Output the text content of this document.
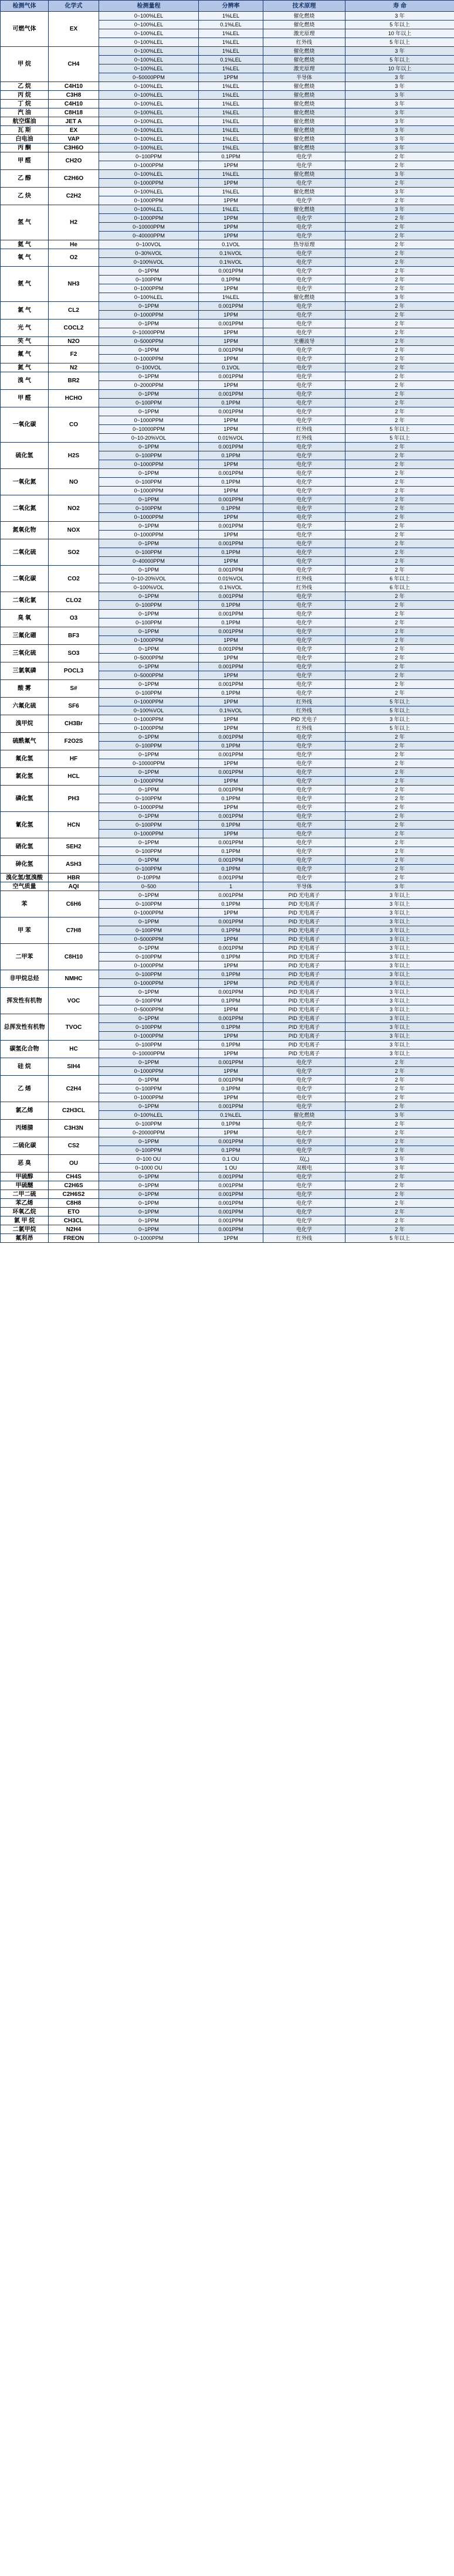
检测气体	化学式	检测量程	分辨率	技术原理	寿 命
可燃气体	EX	0~100%LEL	1%LEL	催化燃烧	3 年
		0~100%LEL	0.1%LEL	催化燃烧	5 年以上
		0~100%LEL	1%LEL	激光原理	10 年以上
		0~100%LEL	1%LEL	红外线	5 年以上
甲 烷	CH4	0~100%LEL	1%LEL	催化燃烧	3 年
		0~100%LEL	0.1%LEL	催化燃烧	5 年以上
		0~100%LEL	1%LEL	激光原理	10 年以上
		0~50000PPM	1PPM	半导体	3 年
乙 烷	C4H10	0~100%LEL	1%LEL	催化燃烧	3 年
丙 烷	C3H8	0~100%LEL	1%LEL	催化燃烧	3 年
丁 烷	C4H10	0~100%LEL	1%LEL	催化燃烧	3 年
汽 油	C8H18	0~100%LEL	1%LEL	催化燃烧	3 年
航空煤油	JET A	0~100%LEL	1%LEL	催化燃烧	3 年
瓦 斯	EX	0~100%LEL	1%LEL	催化燃烧	3 年
白电油	VAP	0~100%LEL	1%LEL	催化燃烧	3 年
丙 酮	C3H6O	0~100%LEL	1%LEL	催化燃烧	3 年
甲 醛	CH2O	0~100PPM	0.1PPM	电化学	2 年
		0~1000PPM	1PPM	电化学	2 年
乙 醇	C2H6O	0~100%LEL	1%LEL	催化燃烧	3 年
		0~1000PPM	1PPM	电化学	2 年
乙 炔	C2H2	0~100%LEL	1%LEL	催化燃烧	3 年
		0~1000PPM	1PPM	电化学	2 年
氢 气	H2	0~100%LEL	1%LEL	催化燃烧	3 年
		0~1000PPM	1PPM	电化学	2 年
		0~10000PPM	1PPM	电化学	2 年
		0~40000PPM	1PPM	电化学	2 年
氦 气	He	0~100VOL	0.1VOL	热导原理	2 年
氧 气	O2	0~30%VOL	0.1%VOL	电化学	2 年
		0~100%VOL	0.1%VOL	电化学	2 年
氨 气	NH3	0~1PPM	0.001PPM	电化学	2 年
		0~100PPM	0.1PPM	电化学	2 年
		0~1000PPM	1PPM	电化学	2 年
		0~100%LEL	1%LEL	催化燃烧	3 年
氯 气	CL2	0~1PPM	0.001PPM	电化学	2 年
		0~1000PPM	1PPM	电化学	2 年
光 气	COCL2	0~1PPM	0.001PPM	电化学	2 年
		0~10000PPM	1PPM	电化学	2 年
笑 气	N2O	0~5000PPM	1PPM	光栅波导	2 年
氟 气	F2	0~1PPM	0.001PPM	电化学	2 年
		0~1000PPM	1PPM	电化学	2 年
氮 气	N2	0~100VOL	0.1VOL	电化学	2 年
溴 气	BR2	0~1PPM	0.001PPM	电化学	2 年
		0~2000PPM	1PPM	电化学	2 年
甲 醛	HCHO	0~1PPM	0.001PPM	电化学	2 年
		0~100PPM	0.1PPM	电化学	2 年
一氧化碳	CO	0~1PPM	0.001PPM	电化学	2 年
		0~1000PPM	1PPM	电化学	2 年
		0~10000PPM	1PPM	红外线	5 年以上
		0~10-20%VOL	0.01%VOL	红外线	5 年以上
硫化氢	H2S	0~1PPM	0.001PPM	电化学	2 年
		0~100PPM	0.1PPM	电化学	2 年
		0~1000PPM	1PPM	电化学	2 年
一氧化氮	NO	0~1PPM	0.001PPM	电化学	2 年
		0~100PPM	0.1PPM	电化学	2 年
		0~1000PPM	1PPM	电化学	2 年
二氧化氮	NO2	0~1PPM	0.001PPM	电化学	2 年
		0~100PPM	0.1PPM	电化学	2 年
		0~1000PPM	1PPM	电化学	2 年
氮氧化物	NOX	0~1PPM	0.001PPM	电化学	2 年
		0~1000PPM	1PPM	电化学	2 年
二氧化硫	SO2	0~1PPM	0.001PPM	电化学	2 年
		0~100PPM	0.1PPM	电化学	2 年
		0~40000PPM	1PPM	电化学	2 年
二氧化碳	CO2	0~1PPM	0.001PPM	电化学	2 年
		0~10-20%VOL	0.01%VOL	红外线	6 年以上
		0~100%VOL	0.1%VOL	红外线	6 年以上
二氧化氯	CLO2	0~1PPM	0.001PPM	电化学	2 年
		0~100PPM	0.1PPM	电化学	2 年
臭 氧	O3	0~1PPM	0.001PPM	电化学	2 年
		0~100PPM	0.1PPM	电化学	2 年
三氟化硼	BF3	0~1PPM	0.001PPM	电化学	2 年
		0~1000PPM	1PPM	电化学	2 年
三氧化硫	SO3	0~1PPM	0.001PPM	电化学	2 年
		0~5000PPM	1PPM	电化学	2 年
三氯氧磷	POCL3	0~1PPM	0.001PPM	电化学	2 年
		0~5000PPM	1PPM	电化学	2 年
酸 雾	S#	0~1PPM	0.001PPM	电化学	2 年
		0~100PPM	0.1PPM	电化学	2 年
六氟化硫	SF6	0~1000PPM	1PPM	红外线	5 年以上
		0~100%VOL	0.1%VOL	红外线	5 年以上
溴甲烷	CH3Br	0~1000PPM	1PPM	PID 光电子	3 年以上
		0~1000PPM	1PPM	红外线	5 年以上
硫酰氟气	F2O2S	0~1PPM	0.001PPM	电化学	2 年
		0~100PPM	0.1PPM	电化学	2 年
氟化氢	HF	0~1PPM	0.001PPM	电化学	2 年
		0~10000PPM	1PPM	电化学	2 年
氯化氢	HCL	0~1PPM	0.001PPM	电化学	2 年
		0~1000PPM	1PPM	电化学	2 年
磷化氢	PH3	0~1PPM	0.001PPM	电化学	2 年
		0~100PPM	0.1PPM	电化学	2 年
		0~1000PPM	1PPM	电化学	2 年
氰化氢	HCN	0~1PPM	0.001PPM	电化学	2 年
		0~100PPM	0.1PPM	电化学	2 年
		0~1000PPM	1PPM	电化学	2 年
硒化氢	SEH2	0~1PPM	0.001PPM	电化学	2 年
		0~100PPM	0.1PPM	电化学	2 年
砷化氢	ASH3	0~1PPM	0.001PPM	电化学	2 年
		0~100PPM	0.1PPM	电化学	2 年
溴化氢/氢溴酸	HBR	0~10PPM	0.001PPM	电化学	2 年
空气质量	AQI	0~500	1	半导体	3 年
苯	C6H6	0~1PPM	0.001PPM	PID 光电离子	3 年以上
		0~100PPM	0.1PPM	PID 光电离子	3 年以上
		0~1000PPM	1PPM	PID 光电离子	3 年以上
甲 苯	C7H8	0~1PPM	0.001PPM	PID 光电离子	3 年以上
		0~100PPM	0.1PPM	PID 光电离子	3 年以上
		0~5000PPM	1PPM	PID 光电离子	3 年以上
二甲苯	C8H10	0~1PPM	0.001PPM	PID 光电离子	3 年以上
		0~100PPM	0.1PPM	PID 光电离子	3 年以上
		0~1000PPM	1PPM	PID 光电离子	3 年以上
非甲烷总烃	NMHC	0~100PPM	0.1PPM	PID 光电离子	3 年以上
		0~1000PPM	1PPM	PID 光电离子	3 年以上
挥发性有机物	VOC	0~1PPM	0.001PPM	PID 光电离子	3 年以上
		0~100PPM	0.1PPM	PID 光电离子	3 年以上
		0~5000PPM	1PPM	PID 光电离子	3 年以上
总挥发性有机物	TVOC	0~1PPM	0.001PPM	PID 光电离子	3 年以上
		0~100PPM	0.1PPM	PID 光电离子	3 年以上
		0~1000PPM	1PPM	PID 光电离子	3 年以上
碳氢化合物	HC	0~100PPM	0.1PPM	PID 光电离子	3 年以上
		0~10000PPM	1PPM	PID 光电离子	3 年以上
硅 烷	SIH4	0~1PPM	0.001PPM	电化学	2 年
		0~1000PPM	1PPM	电化学	2 年
乙 烯	C2H4	0~1PPM	0.001PPM	电化学	2 年
		0~100PPM	0.1PPM	电化学	2 年
		0~1000PPM	1PPM	电化学	2 年
氯乙烯	C2H3CL	0~1PPM	0.001PPM	电化学	2 年
		0~100%LEL	0.1%LEL	催化燃烧	3 年
丙烯腈	C3H3N	0~100PPM	0.1PPM	电化学	2 年
		0~20000PPM	1PPM	电化学	2 年
二硫化碳	CS2	0~1PPM	0.001PPM	电化学	2 年
		0~100PPM	0.1PPM	电化学	2 年
恶 臭	OU	0~100 OU	0.1 OU	双(„)	3 年
		0~1000 OU	1 OU	双极电	3 年
甲硫醇	CH4S	0~1PPM	0.001PPM	电化学	2 年
甲硫醚	C2H6S	0~1PPM	0.001PPM	电化学	2 年
二甲二硫	C2H6S2	0~1PPM	0.001PPM	电化学	2 年
苯乙烯	C8H8	0~1PPM	0.001PPM	电化学	2 年
环氧乙烷	ETO	0~1PPM	0.001PPM	电化学	2 年
氯 甲 烷	CH3CL	0~1PPM	0.001PPM	电化学	2 年
二氯甲烷	N2H4	0~1PPM	0.001PPM	电化学	2 年
氟利昂	FREON	0~1000PPM	1PPM	红外线	5 年以上
